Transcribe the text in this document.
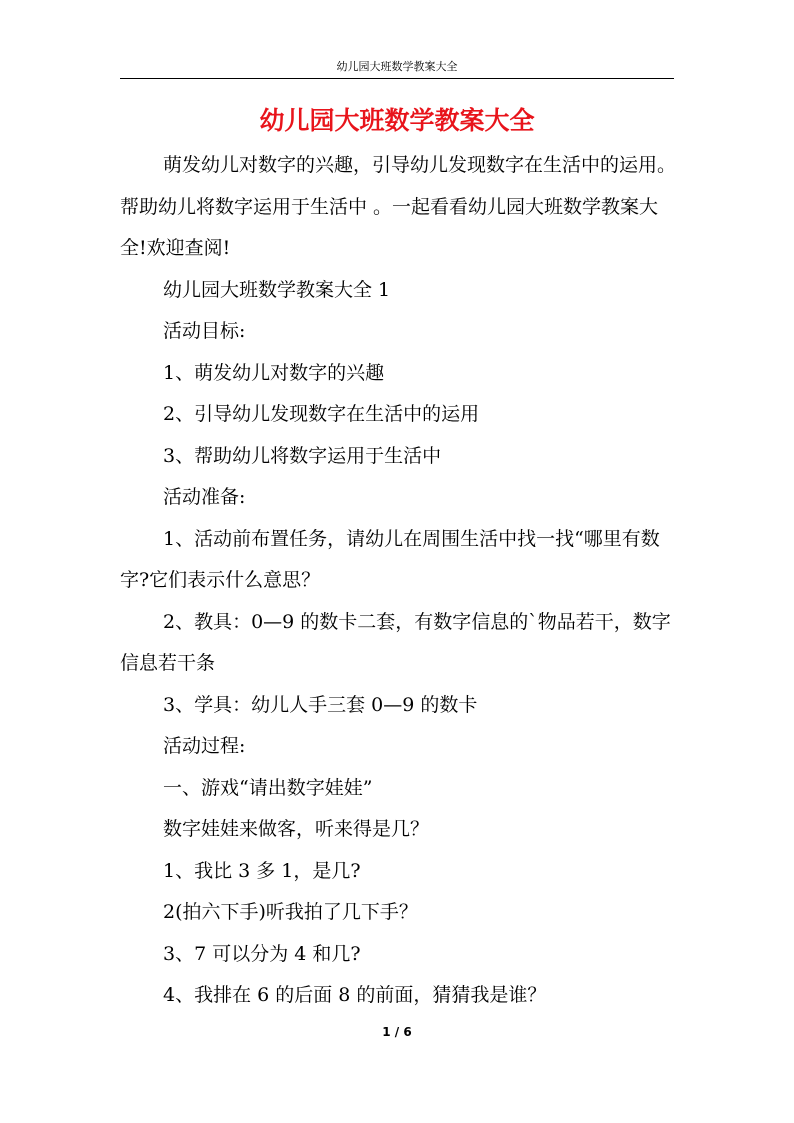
幼儿园大班数学教案大全
幼儿园大班数学教案大全

萌发幼儿对数字的兴趣，引导幼儿发现数字在生活中的运用。帮助幼儿将数字运用于生活中 。一起看看幼儿园大班数学教案大全!欢迎查阅!

幼儿园大班数学教案大全 1

活动目标:

1、萌发幼儿对数字的兴趣

2、引导幼儿发现数字在生活中的运用

3、帮助幼儿将数字运用于生活中

活动准备:

1、活动前布置任务，请幼儿在周围生活中找一找“哪里有数字?它们表示什么意思？

2、教具：0—9 的数卡二套，有数字信息的`物品若干，数字信息若干条

3、学具：幼儿人手三套 0—9 的数卡

活动过程:

一、游戏“请出数字娃娃”

数字娃娃来做客，听来得是几？

1、我比 3 多 1，是几?

2(拍六下手)听我拍了几下手？

3、7 可以分为 4 和几?

4、我排在 6 的后面 8 的前面，猜猜我是谁？

1 / 6
